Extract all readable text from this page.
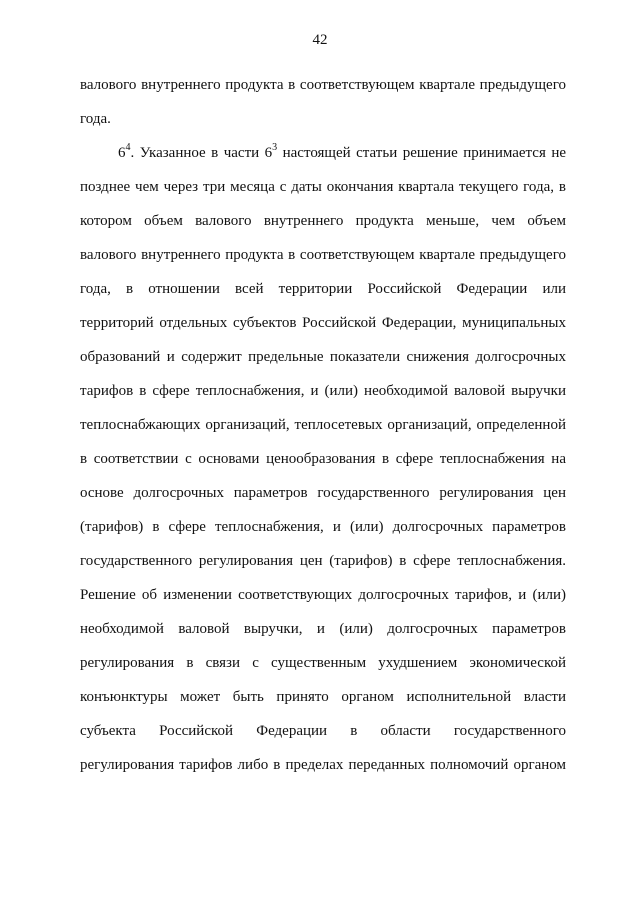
42
валового внутреннего продукта в соответствующем квартале предыдущего
года.
$6^4$. Указанное в части $6^3$ настоящей статьи решение принимается не
позднее чем через три месяца с даты окончания квартала текущего года, в
котором объем валового внутреннего продукта меньше, чем объем
валового внутреннего продукта в соответствующем квартале предыдущего
года, в отношении всей территории Российской Федерации или
территорий отдельных субъектов Российской Федерации, муниципальных
образований и содержит предельные показатели снижения долгосрочных
тарифов в сфере теплоснабжения, и (или) необходимой валовой выручки
теплоснабжающих организаций, теплосетевых организаций, определенной
в соответствии с основами ценообразования в сфере теплоснабжения на
основе долгосрочных параметров государственного регулирования цен
(тарифов) в сфере теплоснабжения, и (или) долгосрочных параметров
государственного регулирования цен (тарифов) в сфере теплоснабжения.
Решение об изменении соответствующих долгосрочных тарифов, и (или)
необходимой валовой выручки, и (или) долгосрочных параметров
регулирования в связи с существенным ухудшением экономической
конъюнктуры может быть принято органом исполнительной власти
субъекта Российской Федерации в области государственного
регулирования тарифов либо в пределах переданных полномочий органом
